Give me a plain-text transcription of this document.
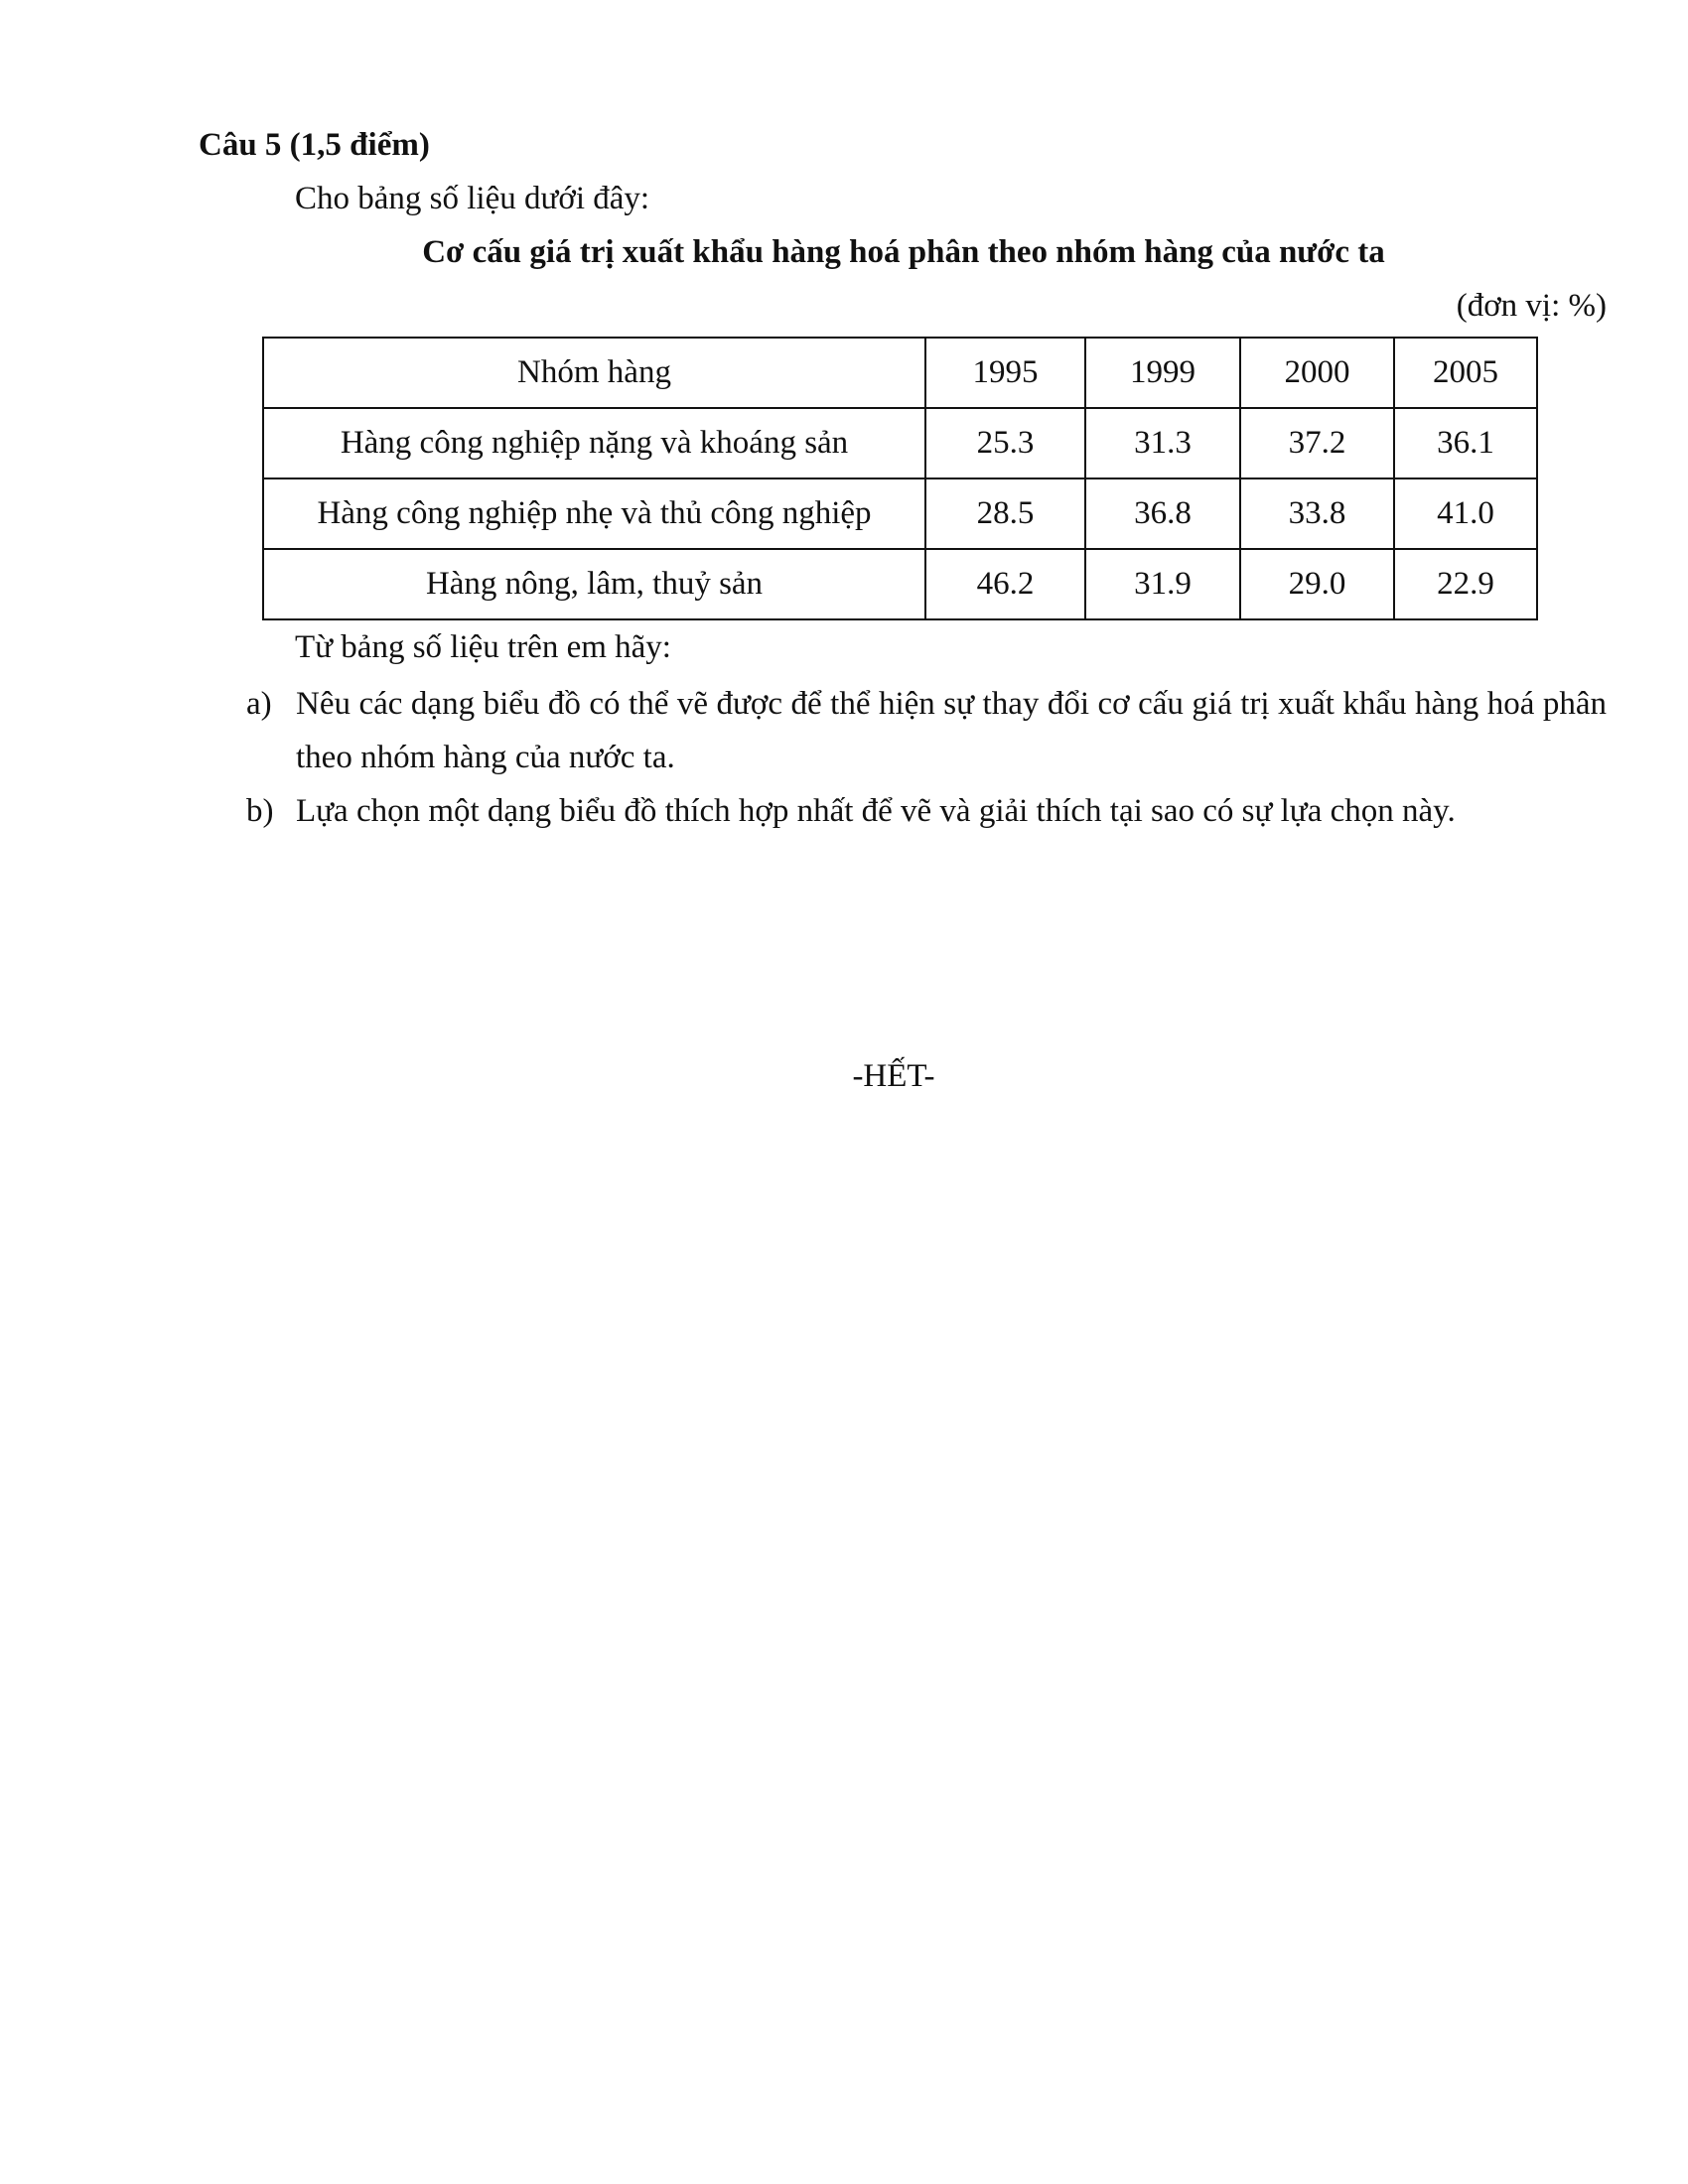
Câu 5 (1,5 điểm)

Cho bảng số liệu dưới đây:

Cơ cấu giá trị xuất khẩu hàng hoá phân theo nhóm hàng của nước ta

(đơn vị: %)

Nhóm hàng	1995	1999	2000	2005
Hàng công nghiệp nặng và khoáng sản	25.3	31.3	37.2	36.1
Hàng công nghiệp nhẹ và thủ công nghiệp	28.5	36.8	33.8	41.0
Hàng nông, lâm, thuỷ sản	46.2	31.9	29.0	22.9

Từ bảng số liệu trên em hãy:

a) Nêu các dạng biểu đồ có thể vẽ được để thể hiện sự thay đổi cơ cấu giá trị xuất khẩu hàng hoá phân theo nhóm hàng của nước ta.
b) Lựa chọn một dạng biểu đồ thích hợp nhất để vẽ và giải thích tại sao có sự lựa chọn này.

-HẾT-
